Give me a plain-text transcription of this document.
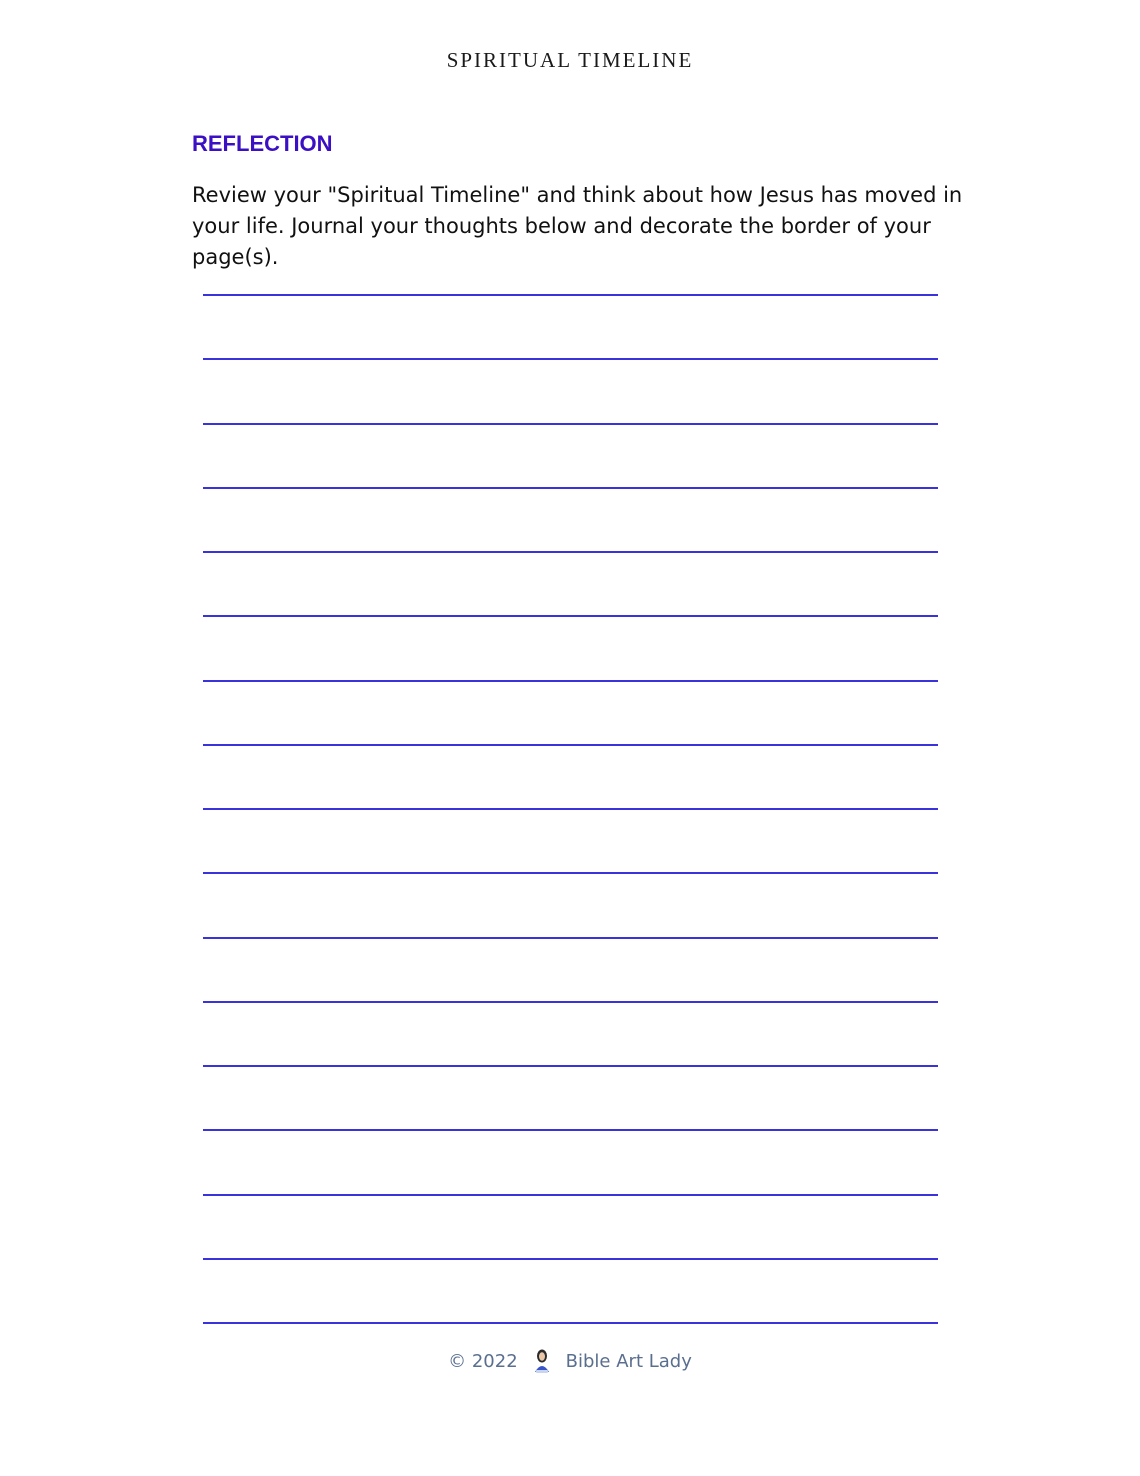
SPIRITUAL TIMELINE
REFLECTION
Review your "Spiritual Timeline" and think about how Jesus has moved in your life. Journal your thoughts below and decorate the border of your page(s).
© 2022	Bible Art Lady
